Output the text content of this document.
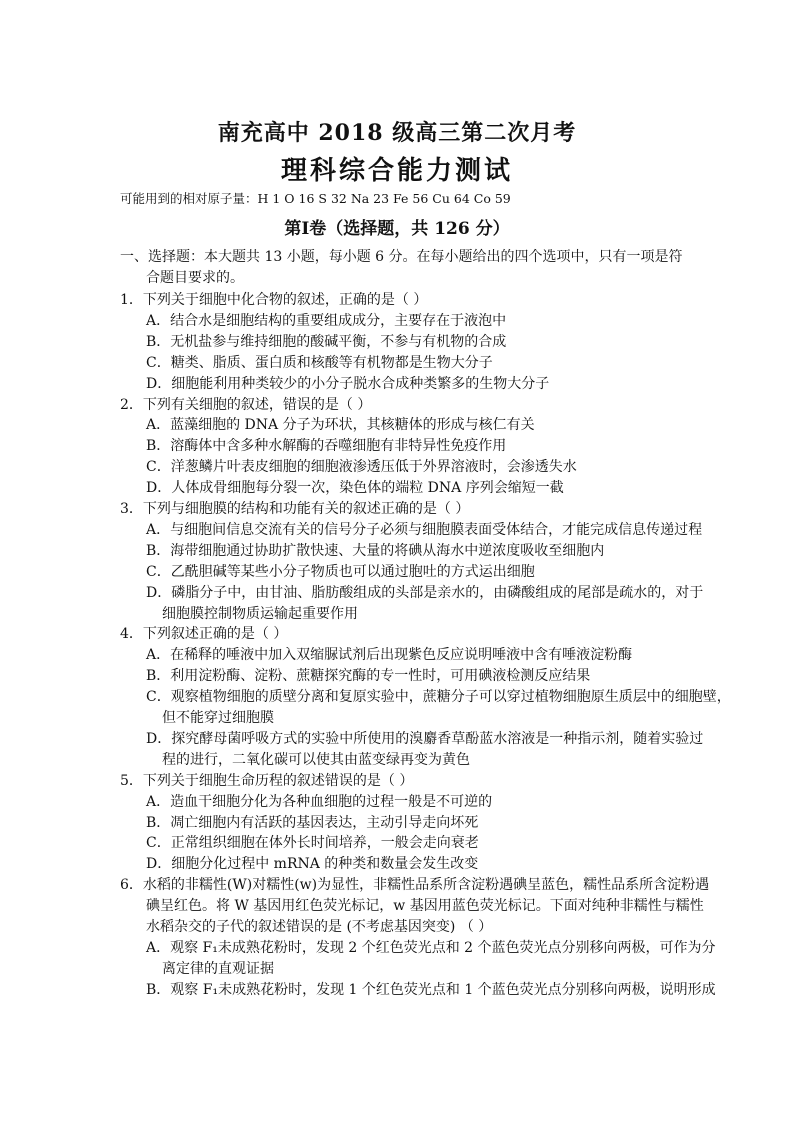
南充高中 2018 级高三第二次月考
理科综合能力测试
可能用到的相对原子量：H 1 O 16 S 32 Na 23 Fe 56 Cu 64 Co 59
第Ⅰ卷（选择题，共 126 分）
一、选择题：本大题共 13 小题，每小题 6 分。在每小题给出的四个选项中，只有一项是符
合题目要求的。
1．下列关于细胞中化合物的叙述，正确的是（ ）
A．结合水是细胞结构的重要组成成分，主要存在于液泡中
B．无机盐参与维持细胞的酸碱平衡，不参与有机物的合成
C．糖类、脂质、蛋白质和核酸等有机物都是生物大分子
D．细胞能利用种类较少的小分子脱水合成种类繁多的生物大分子
2．下列有关细胞的叙述，错误的是（ ）
A．蓝藻细胞的 DNA 分子为环状，其核糖体的形成与核仁有关
B．溶酶体中含多种水解酶的吞噬细胞有非特异性免疫作用
C．洋葱鳞片叶表皮细胞的细胞液渗透压低于外界溶液时，会渗透失水
D．人体成骨细胞每分裂一次，染色体的端粒 DNA 序列会缩短一截
3．下列与细胞膜的结构和功能有关的叙述正确的是（ ）
A．与细胞间信息交流有关的信号分子必须与细胞膜表面受体结合，才能完成信息传递过程
B．海带细胞通过协助扩散快速、大量的将碘从海水中逆浓度吸收至细胞内
C．乙酰胆碱等某些小分子物质也可以通过胞吐的方式运出细胞
D．磷脂分子中，由甘油、脂肪酸组成的头部是亲水的，由磷酸组成的尾部是疏水的，对于
细胞膜控制物质运输起重要作用
4．下列叙述正确的是（ ）
A．在稀释的唾液中加入双缩脲试剂后出现紫色反应说明唾液中含有唾液淀粉酶
B．利用淀粉酶、淀粉、蔗糖探究酶的专一性时，可用碘液检测反应结果
C．观察植物细胞的质壁分离和复原实验中，蔗糖分子可以穿过植物细胞原生质层中的细胞壁，
但不能穿过细胞膜
D．探究酵母菌呼吸方式的实验中所使用的溴麝香草酚蓝水溶液是一种指示剂，随着实验过
程的进行，二氧化碳可以使其由蓝变绿再变为黄色
5．下列关于细胞生命历程的叙述错误的是（ ）
A．造血干细胞分化为各种血细胞的过程一般是不可逆的
B．凋亡细胞内有活跃的基因表达，主动引导走向坏死
C．正常组织细胞在体外长时间培养，一般会走向衰老
D．细胞分化过程中 mRNA 的种类和数量会发生改变
6．水稻的非糯性(W)对糯性(w)为显性，非糯性品系所含淀粉遇碘呈蓝色，糯性品系所含淀粉遇
碘呈红色。将 W 基因用红色荧光标记，w 基因用蓝色荧光标记。下面对纯种非糯性与糯性
水稻杂交的子代的叙述错误的是 (不考虑基因突变) （ ）
A．观察 F₁未成熟花粉时，发现 2 个红色荧光点和 2 个蓝色荧光点分别移向两极，可作为分
离定律的直观证据
B．观察 F₁未成熟花粉时，发现 1 个红色荧光点和 1 个蓝色荧光点分别移向两极，说明形成
